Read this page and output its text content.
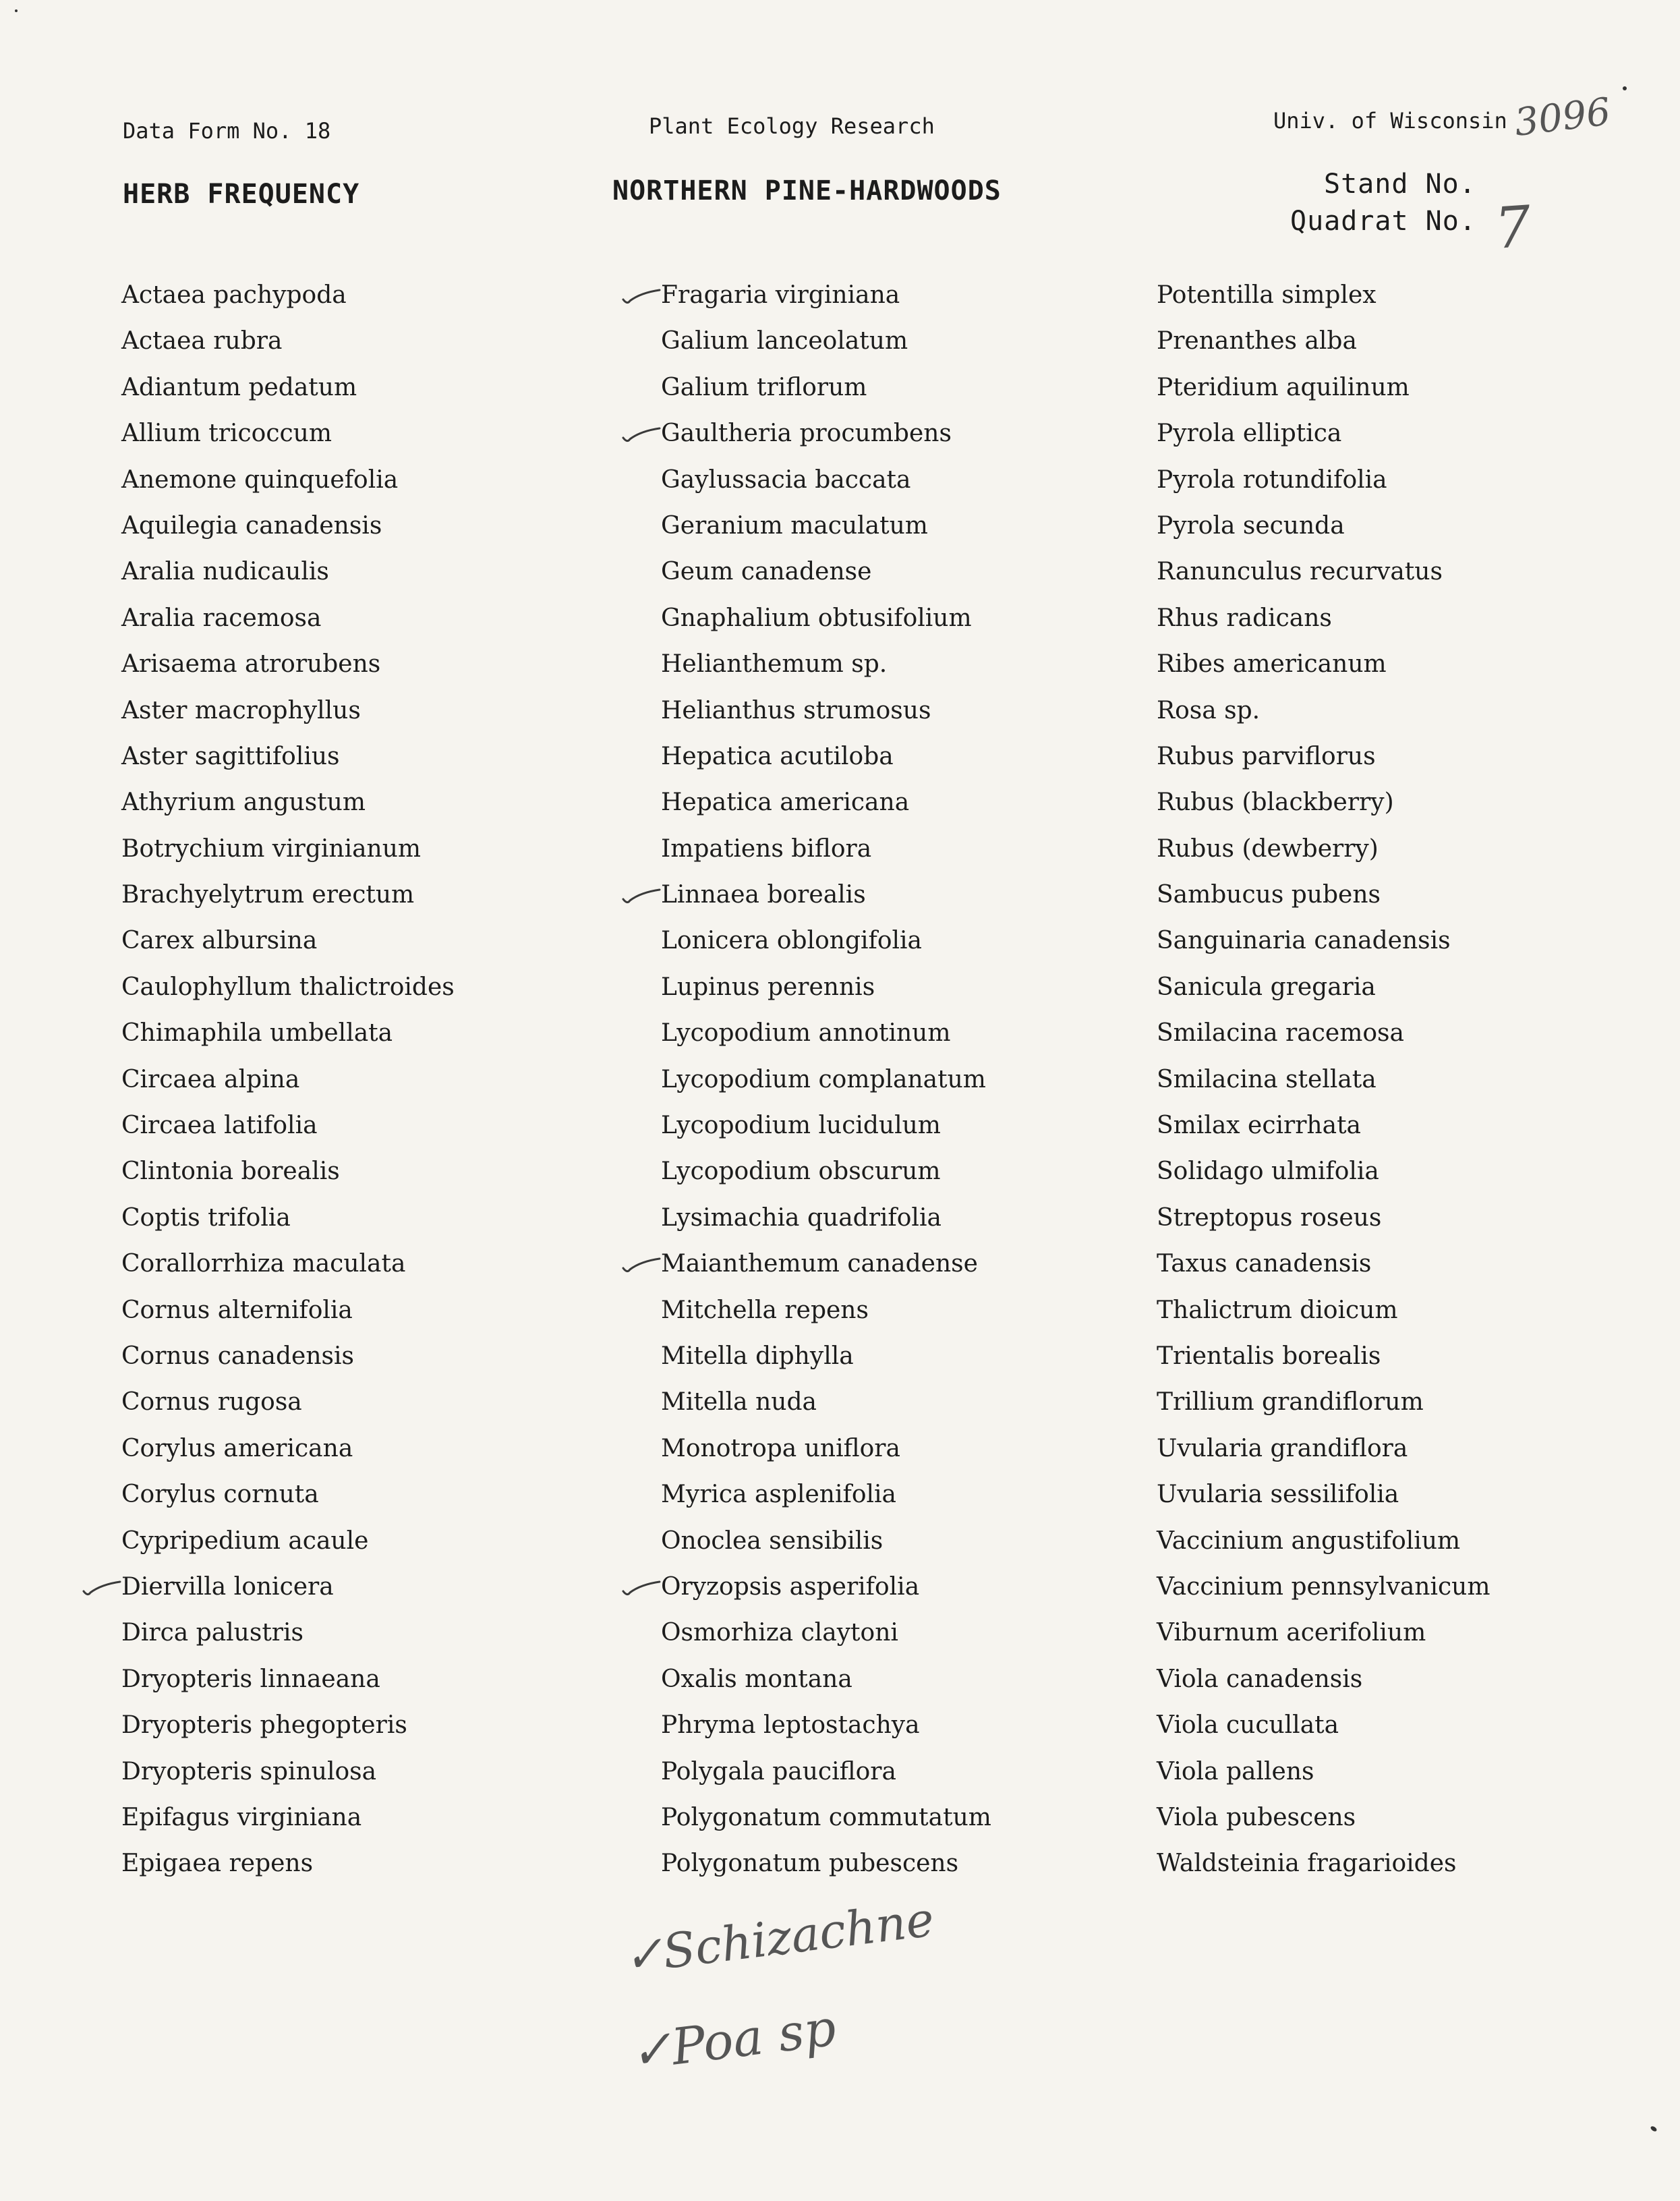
Data Form No. 18	Plant Ecology Research	Univ. of Wisconsin
HERB FREQUENCY	NORTHERN PINE-HARDWOODS	Stand No.
Quadrat No.
3096
7
Actaea pachypoda
Actaea rubra
Adiantum pedatum
Allium tricoccum
Anemone quinquefolia
Aquilegia canadensis
Aralia nudicaulis
Aralia racemosa
Arisaema atrorubens
Aster macrophyllus
Aster sagittifolius
Athyrium angustum
Botrychium virginianum
Brachyelytrum erectum
Carex albursina
Caulophyllum thalictroides
Chimaphila umbellata
Circaea alpina
Circaea latifolia
Clintonia borealis
Coptis trifolia
Corallorrhiza maculata
Cornus alternifolia
Cornus canadensis
Cornus rugosa
Corylus americana
Corylus cornuta
Cypripedium acaule
Diervilla lonicera
Dirca palustris
Dryopteris linnaeana
Dryopteris phegopteris
Dryopteris spinulosa
Epifagus virginiana
Epigaea repens
Fragaria virginiana
Galium lanceolatum
Galium triflorum
Gaultheria procumbens
Gaylussacia baccata
Geranium maculatum
Geum canadense
Gnaphalium obtusifolium
Helianthemum sp.
Helianthus strumosus
Hepatica acutiloba
Hepatica americana
Impatiens biflora
Linnaea borealis
Lonicera oblongifolia
Lupinus perennis
Lycopodium annotinum
Lycopodium complanatum
Lycopodium lucidulum
Lycopodium obscurum
Lysimachia quadrifolia
Maianthemum canadense
Mitchella repens
Mitella diphylla
Mitella nuda
Monotropa uniflora
Myrica asplenifolia
Onoclea sensibilis
Oryzopsis asperifolia
Osmorhiza claytoni
Oxalis montana
Phryma leptostachya
Polygala pauciflora
Polygonatum commutatum
Polygonatum pubescens
Potentilla simplex
Prenanthes alba
Pteridium aquilinum
Pyrola elliptica
Pyrola rotundifolia
Pyrola secunda
Ranunculus recurvatus
Rhus radicans
Ribes americanum
Rosa sp.
Rubus parviflorus
Rubus (blackberry)
Rubus (dewberry)
Sambucus pubens
Sanguinaria canadensis
Sanicula gregaria
Smilacina racemosa
Smilacina stellata
Smilax ecirrhata
Solidago ulmifolia
Streptopus roseus
Taxus canadensis
Thalictrum dioicum
Trientalis borealis
Trillium grandiflorum
Uvularia grandiflora
Uvularia sessilifolia
Vaccinium angustifolium
Vaccinium pennsylvanicum
Viburnum acerifolium
Viola canadensis
Viola cucullata
Viola pallens
Viola pubescens
Waldsteinia fragarioides
✓Schizachne
✓Poa sp
